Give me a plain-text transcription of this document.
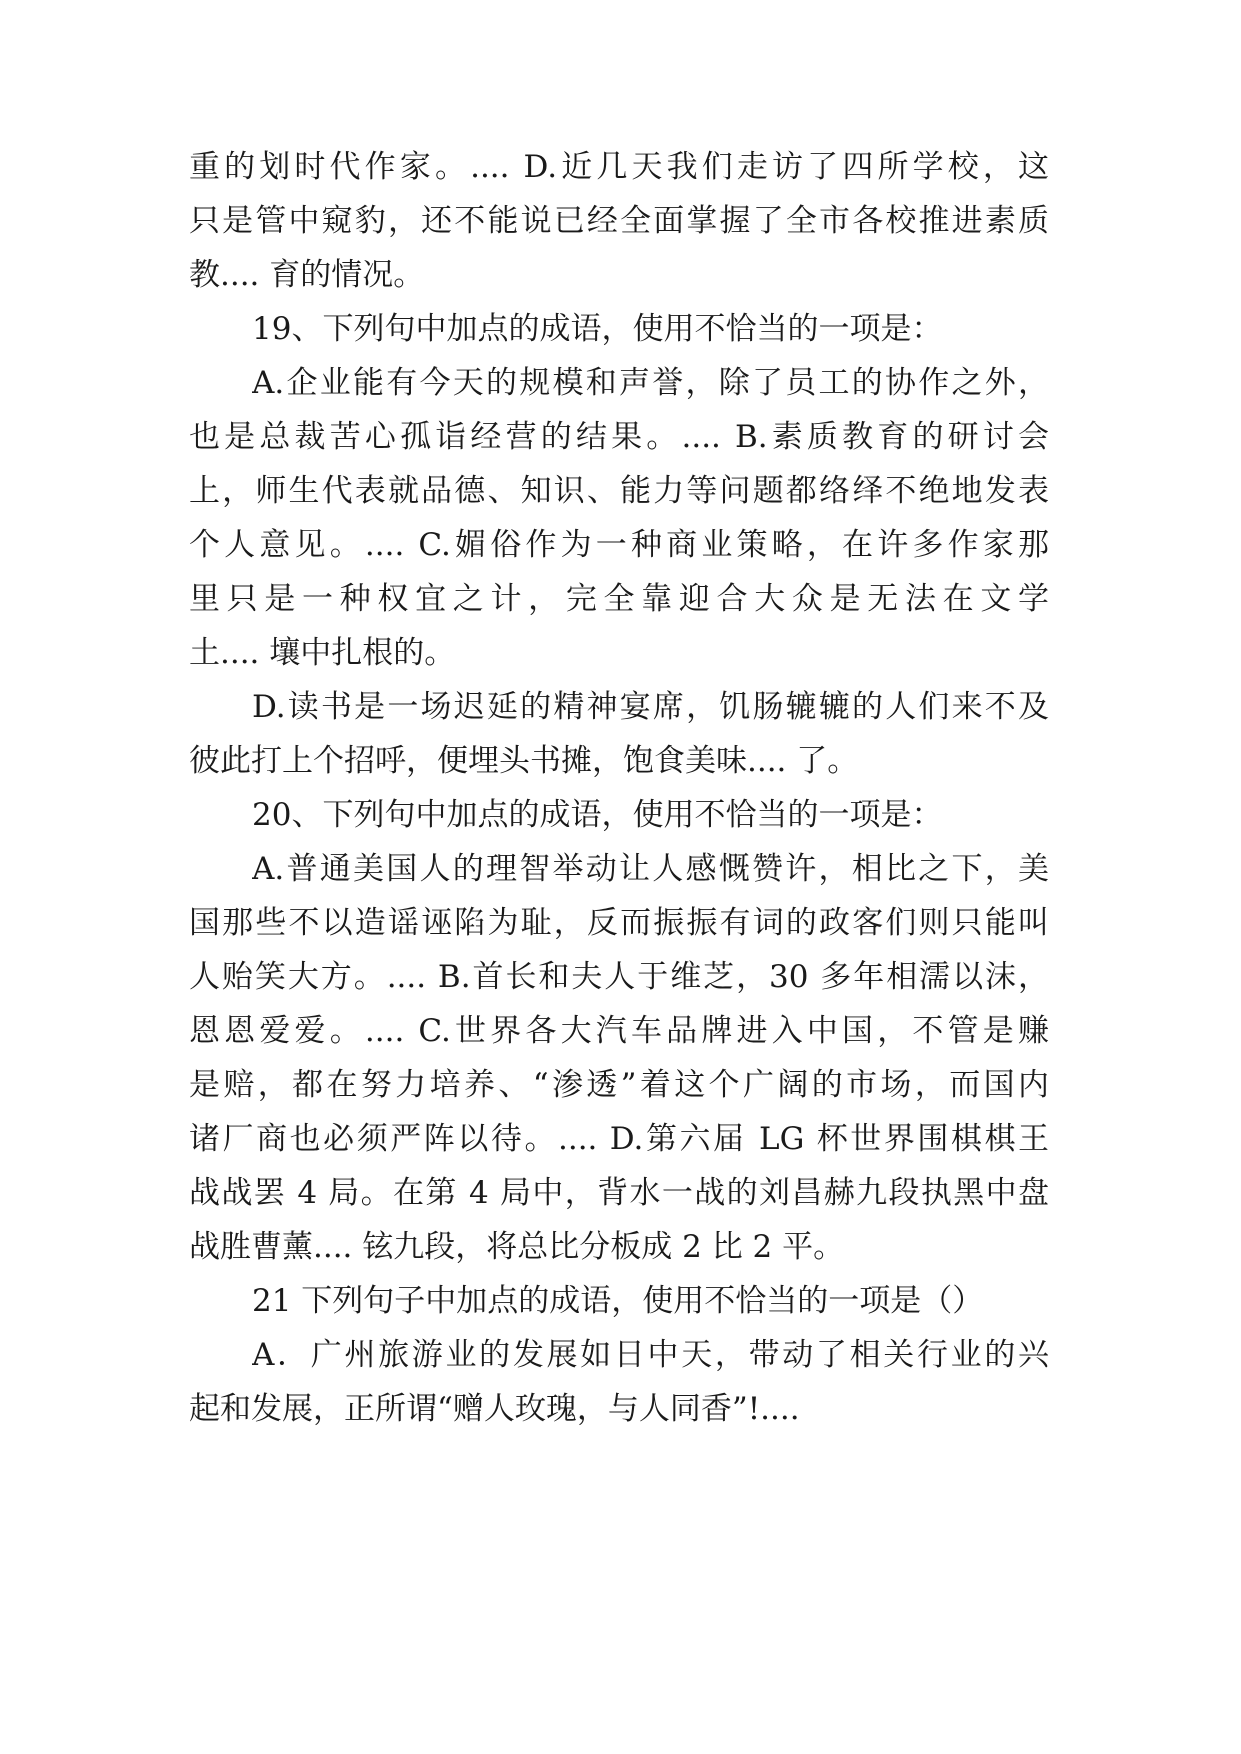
重的划时代作家。.... D.近几天我们走访了四所学校，这
只是管中窥豹，还不能说已经全面掌握了全市各校推进素质
教.... 育的情况。
19、下列句中加点的成语，使用不恰当的一项是：
A.企业能有今天的规模和声誉，除了员工的协作之外，
也是总裁苦心孤诣经营的结果。.... B.素质教育的研讨会
上，师生代表就品德、知识、能力等问题都络绎不绝地发表
个人意见。.... C.媚俗作为一种商业策略，在许多作家那
里只是一种权宜之计，完全靠迎合大众是无法在文学
土.... 壤中扎根的。
D.读书是一场迟延的精神宴席，饥肠辘辘的人们来不及
彼此打上个招呼，便埋头书摊，饱食美味.... 了。
20、下列句中加点的成语，使用不恰当的一项是：
A.普通美国人的理智举动让人感慨赞许，相比之下，美
国那些不以造谣诬陷为耻，反而振振有词的政客们则只能叫
人贻笑大方。.... B.首长和夫人于维芝，30 多年相濡以沫，
恩恩爱爱。.... C.世界各大汽车品牌进入中国，不管是赚
是赔，都在努力培养、“渗透”着这个广阔的市场，而国内
诸厂商也必须严阵以待。.... D.第六届 LG 杯世界围棋棋王
战战罢 4 局。在第 4 局中，背水一战的刘昌赫九段执黑中盘
战胜曹薰.... 铉九段，将总比分板成 2 比 2 平。
21 下列句子中加点的成语，使用不恰当的一项是（）
A．广州旅游业的发展如日中天，带动了相关行业的兴
起和发展，正所谓“赠人玫瑰，与人同香”!....
